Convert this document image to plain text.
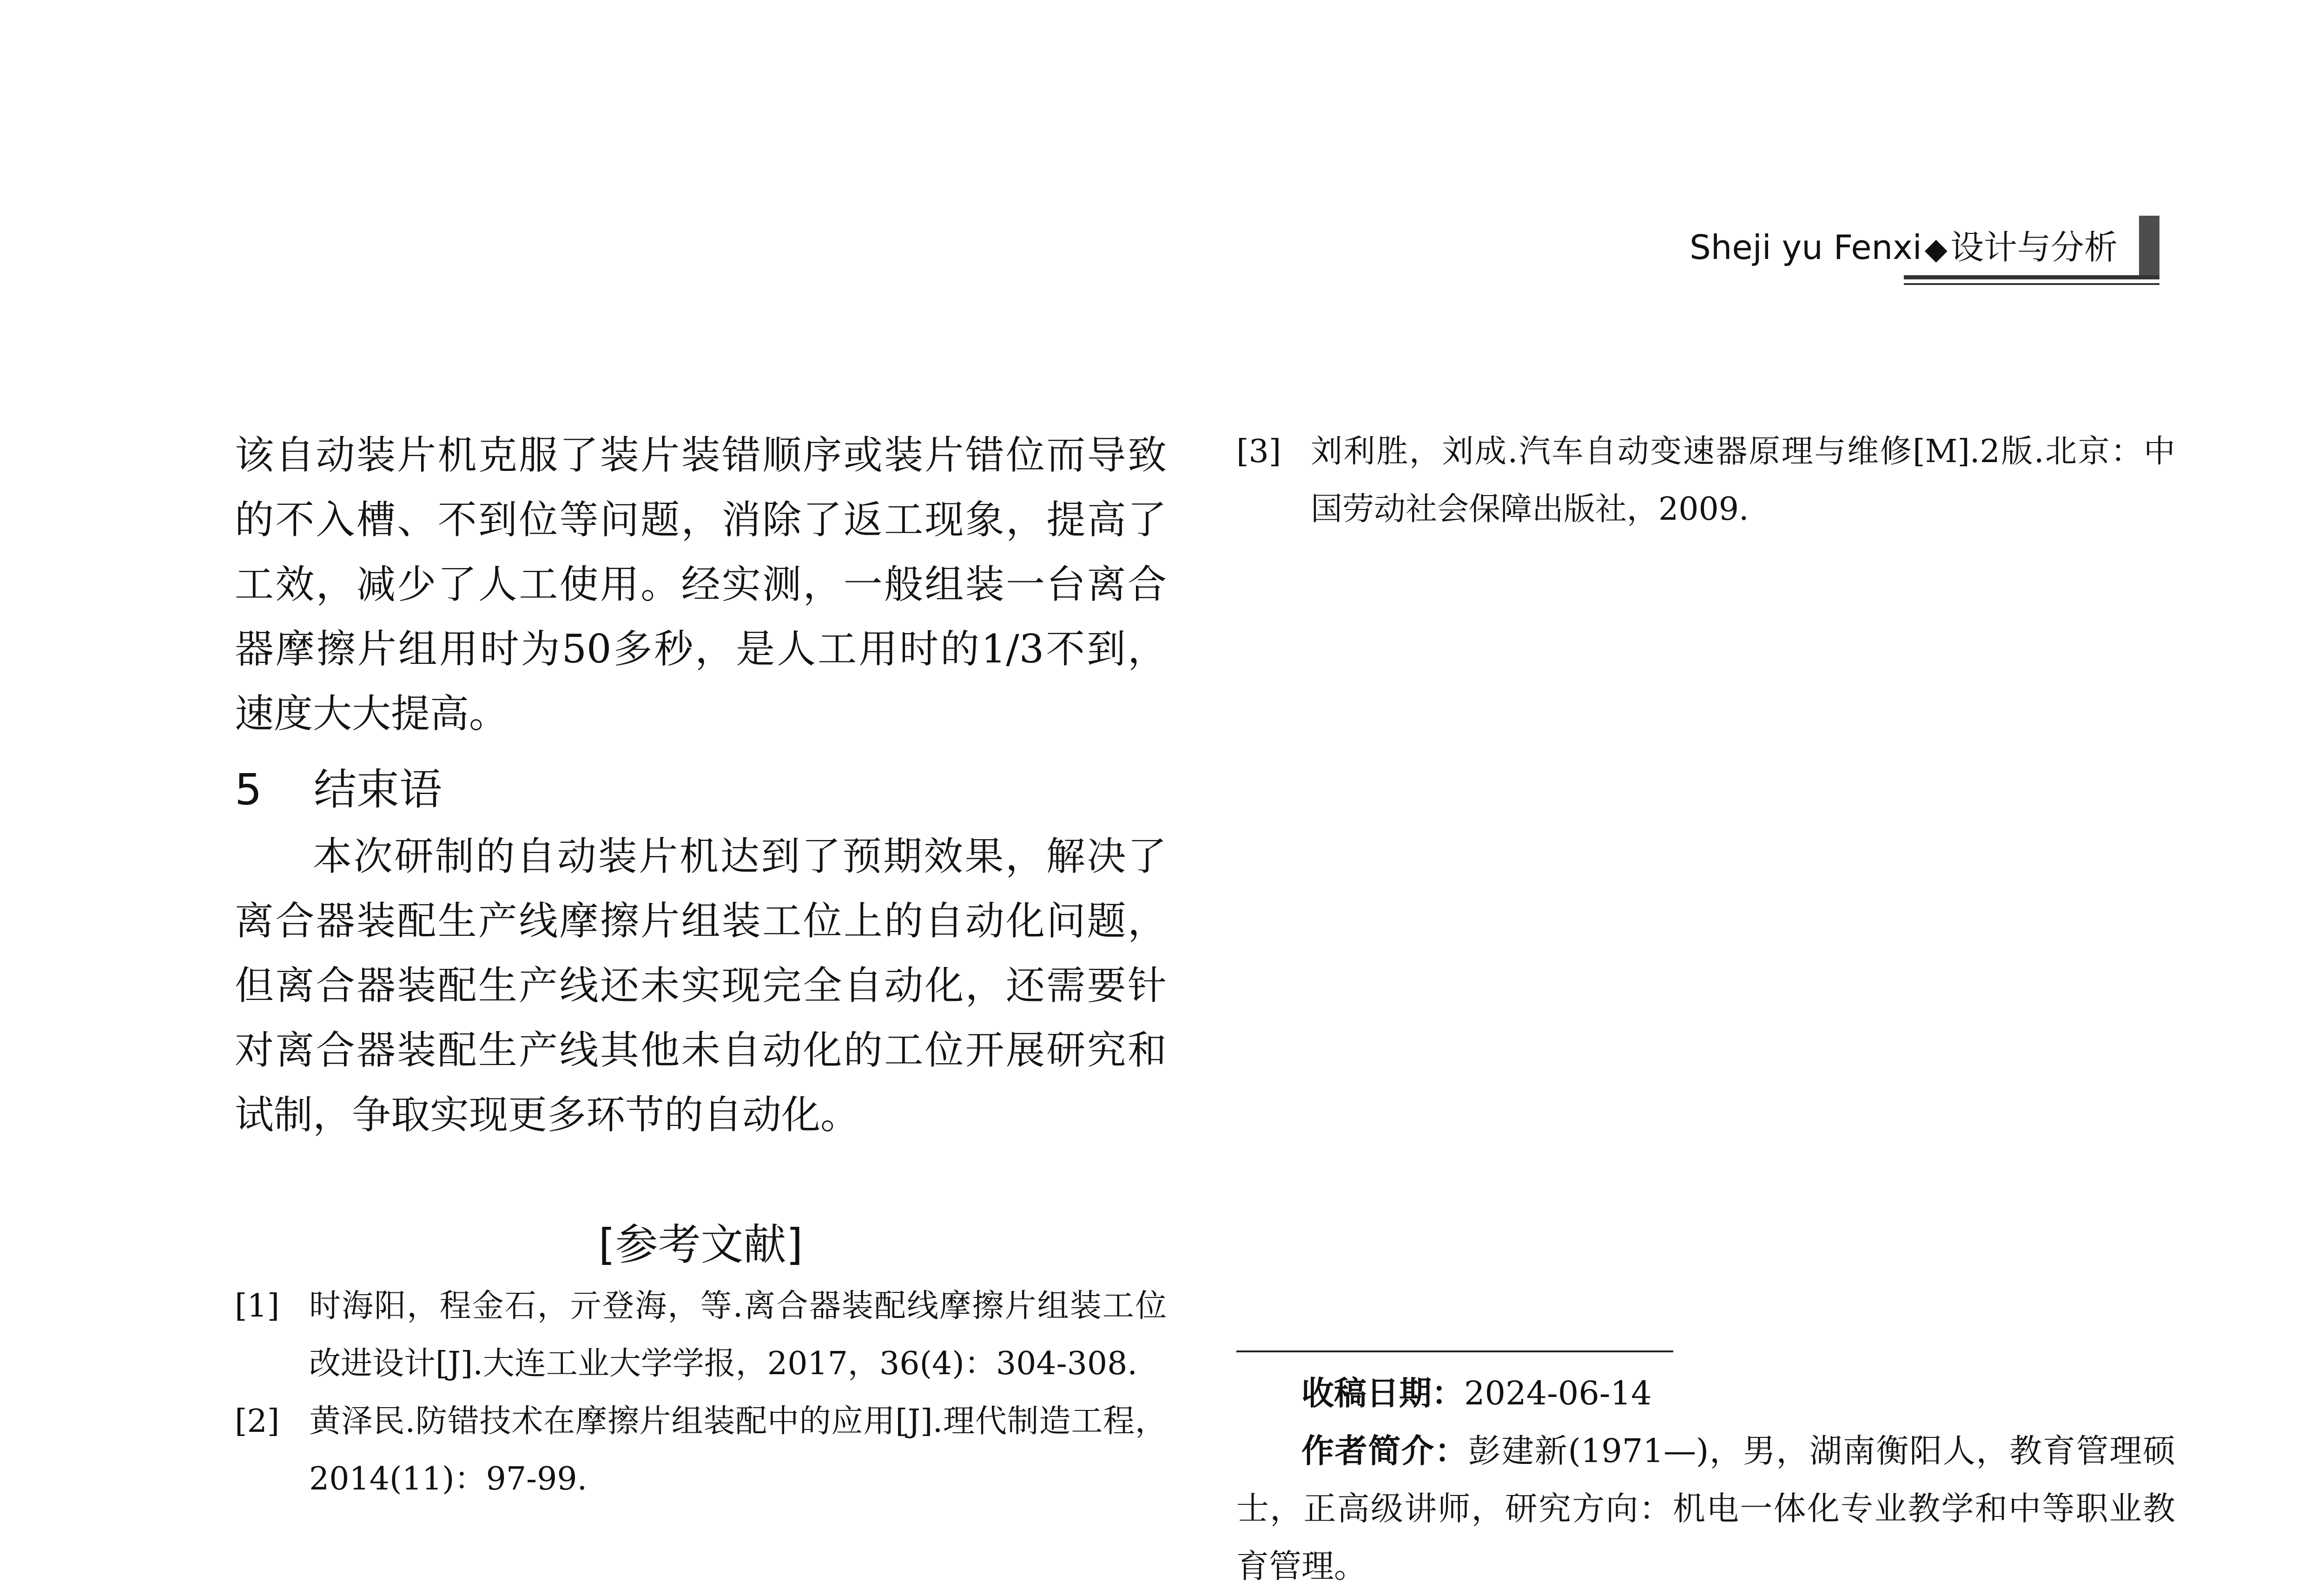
Sheji yu Fenxi◆设计与分析

该自动装片机克服了装片装错顺序或装片错位而导致的不入槽、不到位等问题，消除了返工现象，提高了工效，减少了人工使用。经实测，一般组装一台离合器摩擦片组用时为50多秒，是人工用时的1/3不到，速度大大提高。

5 结束语

本次研制的自动装片机达到了预期效果，解决了离合器装配生产线摩擦片组装工位上的自动化问题，但离合器装配生产线还未实现完全自动化，还需要针对离合器装配生产线其他未自动化的工位开展研究和试制，争取实现更多环节的自动化。

[参考文献]

[1] 时海阳，程金石，亓登海，等.离合器装配线摩擦片组装工位改进设计[J].大连工业大学学报，2017，36(4)：304-308.

[2] 黄泽民.防错技术在摩擦片组装配中的应用[J].理代制造工程，2014(11)：97-99.

[3] 刘利胜，刘成.汽车自动变速器原理与维修[M].2版.北京：中国劳动社会保障出版社，2009.

收稿日期：2024-06-14

作者简介：彭建新(1971—)，男，湖南衡阳人，教育管理硕士，正高级讲师，研究方向：机电一体化专业教学和中等职业教育管理。
